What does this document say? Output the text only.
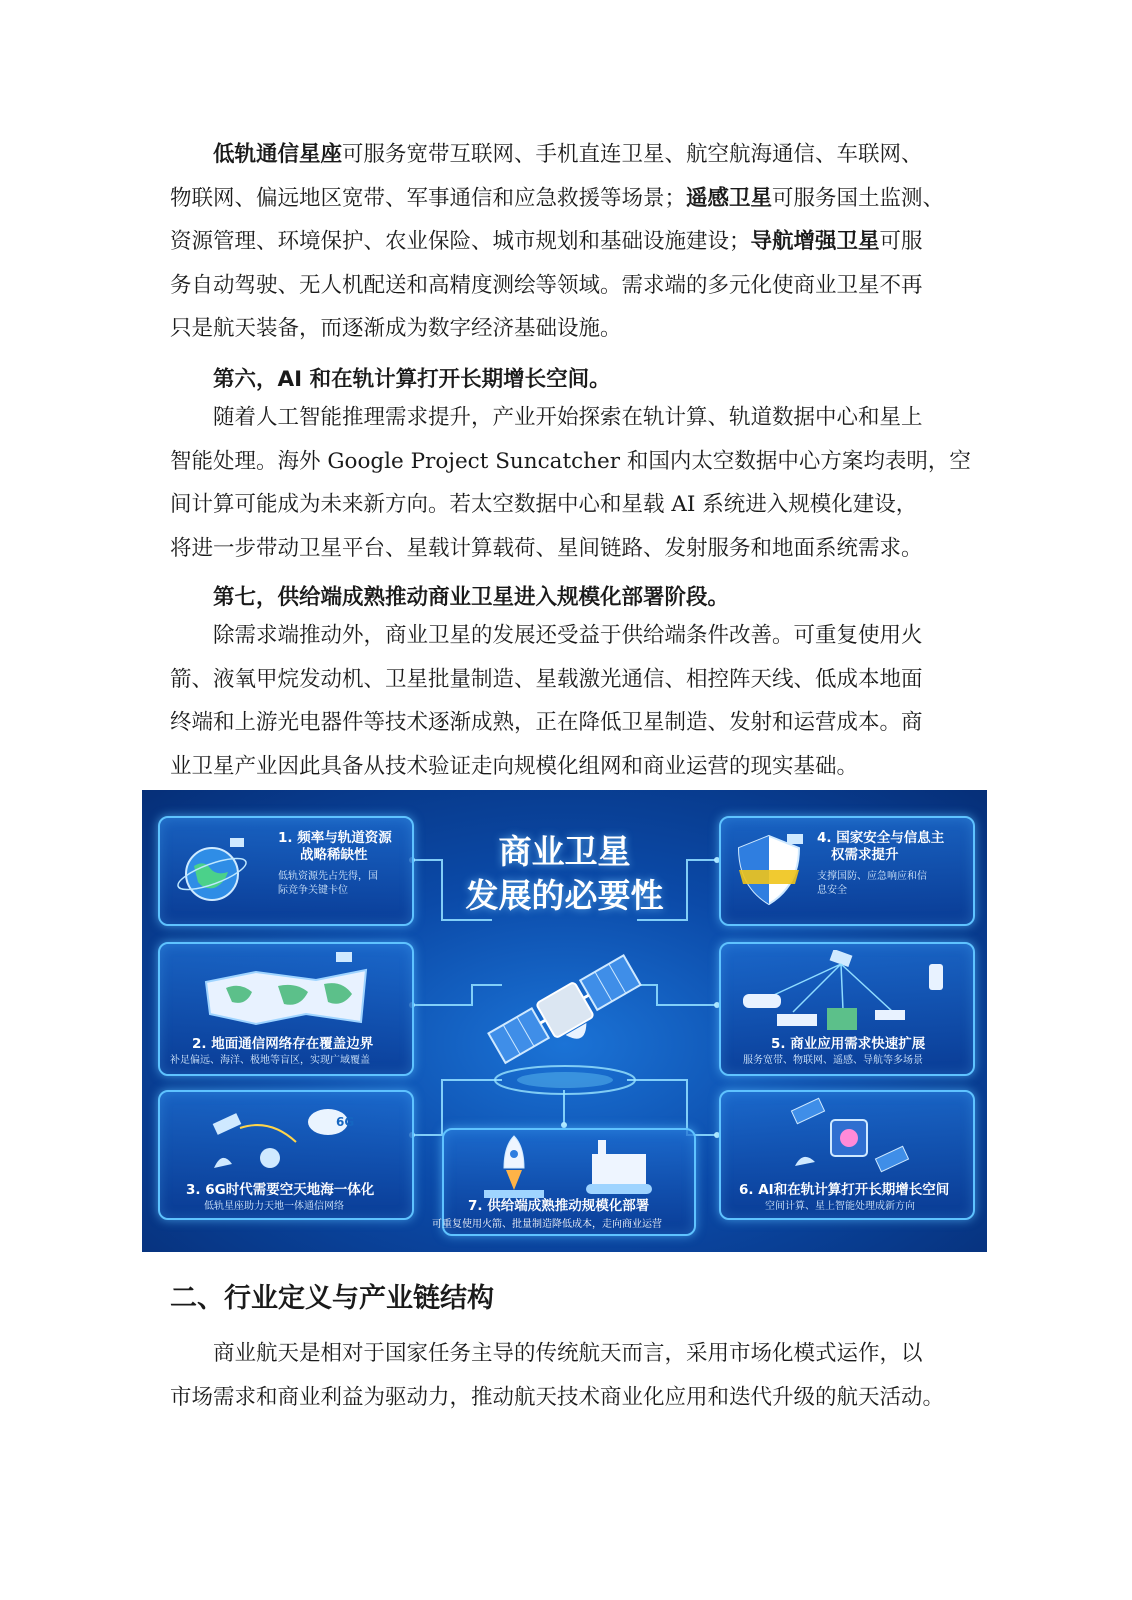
低轨通信星座可服务宽带互联网、手机直连卫星、航空航海通信、车联网、
物联网、偏远地区宽带、军事通信和应急救援等场景；遥感卫星可服务国土监测、
资源管理、环境保护、农业保险、城市规划和基础设施建设；导航增强卫星可服
务自动驾驶、无人机配送和高精度测绘等领域。需求端的多元化使商业卫星不再
只是航天装备，而逐渐成为数字经济基础设施。
第六，AI 和在轨计算打开长期增长空间。
随着人工智能推理需求提升，产业开始探索在轨计算、轨道数据中心和星上
智能处理。海外 Google Project Suncatcher 和国内太空数据中心方案均表明，空
间计算可能成为未来新方向。若太空数据中心和星载 AI 系统进入规模化建设，
将进一步带动卫星平台、星载计算载荷、星间链路、发射服务和地面系统需求。
第七，供给端成熟推动商业卫星进入规模化部署阶段。
除需求端推动外，商业卫星的发展还受益于供给端条件改善。可重复使用火
箭、液氧甲烷发动机、卫星批量制造、星载激光通信、相控阵天线、低成本地面
终端和上游光电器件等技术逐渐成熟，正在降低卫星制造、发射和运营成本。商
业卫星产业因此具备从技术验证走向规模化组网和商业运营的现实基础。
商业卫星
发展的必要性
1. 频率与轨道资源
战略稀缺性
低轨资源先占先得，国
际竞争关键卡位
2. 地面通信网络存在覆盖边界
补足偏远、海洋、极地等盲区，实现广域覆盖
6G
3. 6G时代需要空天地海一体化
低轨星座助力天地一体通信网络
4. 国家安全与信息主
权需求提升
支撑国防、应急响应和信
息安全
5. 商业应用需求快速扩展
服务宽带、物联网、遥感、导航等多场景
6. AI和在轨计算打开长期增长空间
空间计算、星上智能处理成新方向
7. 供给端成熟推动规模化部署
可重复使用火箭、批量制造降低成本，走向商业运营
二、行业定义与产业链结构
商业航天是相对于国家任务主导的传统航天而言，采用市场化模式运作，以
市场需求和商业利益为驱动力，推动航天技术商业化应用和迭代升级的航天活动。
